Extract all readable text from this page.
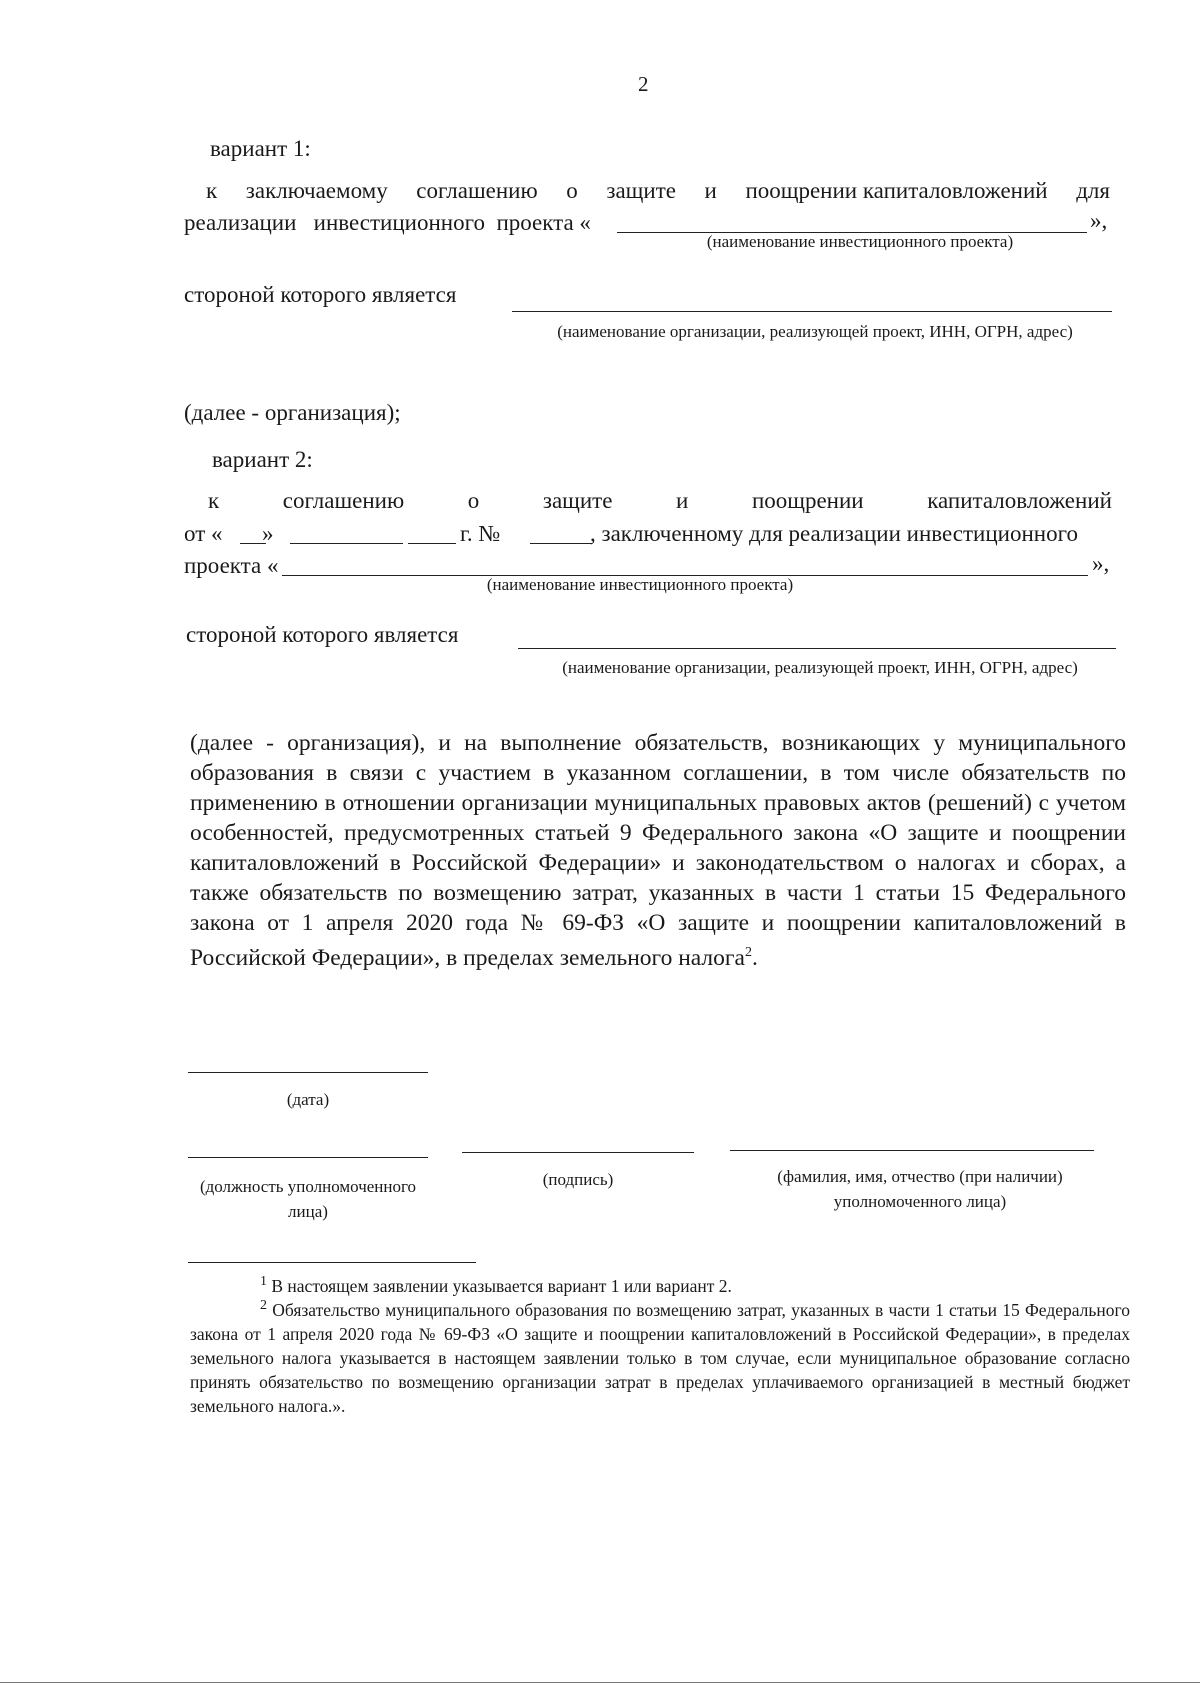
2
вариант 1:
к заключаемому соглашению о защите и поощрении капиталовложений для
реализации   инвестиционного  проекта «	»,
(наименование инвестиционного проекта)
стороной которого является
(наименование организации, реализующей проект, ИНН, ОГРН, адрес)
(далее - организация);
вариант 2:
к	соглашению	о	защите	и	поощрении	капиталовложений
от « »	г. №	, заключенному для реализации инвестиционного
проекта «	»,
(наименование инвестиционного проекта)
стороной которого является
(наименование организации, реализующей проект, ИНН, ОГРН, адрес)
(далее - организация), и на выполнение обязательств, возникающих у муниципального образования в связи с участием в указанном соглашении, в том числе обязательств по применению в отношении организации муниципальных правовых актов (решений) с учетом особенностей, предусмотренных статьей 9 Федерального закона «О защите и поощрении капиталовложений в Российской Федерации» и законодательством о налогах и сборах, а также обязательств по возмещению затрат, указанных в части 1 статьи 15 Федерального закона от 1 апреля 2020 года № 69-ФЗ «О защите и поощрении капиталовложений в Российской Федерации», в пределах земельного налога$^2$.
(дата)
(должность уполномоченного лица)
(подпись)	(фамилия, имя, отчество (при наличии) уполномоченного лица)
$^1$ В настоящем заявлении указывается вариант 1 или вариант 2.
$^2$ Обязательство муниципального образования по возмещению затрат, указанных в части 1 статьи 15 Федерального закона от 1 апреля 2020 года № 69-ФЗ «О защите и поощрении капиталовложений в Российской Федерации», в пределах земельного налога указывается в настоящем заявлении только в том случае, если муниципальное образование согласно принять обязательство по возмещению организации затрат в пределах уплачиваемого организацией в местный бюджет земельного налога.».
